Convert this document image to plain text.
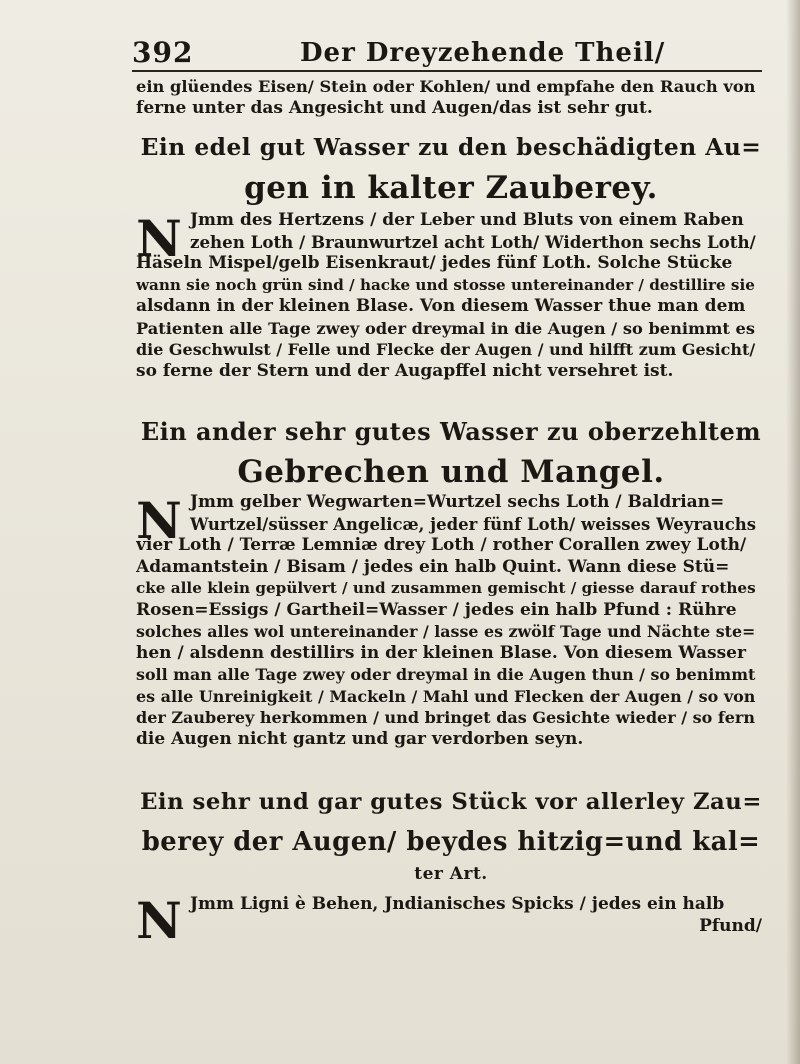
392	Der Dreyzehende Theil/
ein glüendes Eisen/ Stein oder Kohlen/ und empfahe den Rauch von
ferne unter das Angesicht und Augen/das ist sehr gut.
Ein edel gut Wasser zu den beschädigten Au=
gen in kalter Zauberey.
N Jmm des Hertzens / der Leber und Bluts von einem Raben
zehen Loth / Braunwurtzel acht Loth/ Widerthon sechs Loth/
Häseln Mispel/gelb Eisenkraut/ jedes fünf Loth. Solche Stücke
wann sie noch grün sind / hacke und stosse untereinander / destillire sie
alsdann in der kleinen Blase. Von diesem Wasser thue man dem
Patienten alle Tage zwey oder dreymal in die Augen / so benimmt es
die Geschwulst / Felle und Flecke der Augen / und hilfft zum Gesicht/
so ferne der Stern und der Augapffel nicht versehret ist.
Ein ander sehr gutes Wasser zu oberzehltem
Gebrechen und Mangel.
N Jmm gelber Wegwarten=Wurtzel sechs Loth / Baldrian=
Wurtzel/süsser Angelicæ, jeder fünf Loth/ weisses Weyrauchs
vier Loth / Terræ Lemniæ drey Loth / rother Corallen zwey Loth/
Adamantstein / Bisam / jedes ein halb Quint. Wann diese Stü=
cke alle klein gepülvert / und zusammen gemischt / giesse darauf rothes
Rosen=Essigs / Gartheil=Wasser / jedes ein halb Pfund : Rühre
solches alles wol untereinander / lasse es zwölf Tage und Nächte ste=
hen / alsdenn destillirs in der kleinen Blase. Von diesem Wasser
soll man alle Tage zwey oder dreymal in die Augen thun / so benimmt
es alle Unreinigkeit / Mackeln / Mahl und Flecken der Augen / so von
der Zauberey herkommen / und bringet das Gesichte wieder / so fern
die Augen nicht gantz und gar verdorben seyn.
Ein sehr und gar gutes Stück vor allerley Zau=
berey der Augen/ beydes hitzig=und kal=
ter Art.
N Jmm Ligni è Behen, Jndianisches Spicks / jedes ein halb
Pfund/
